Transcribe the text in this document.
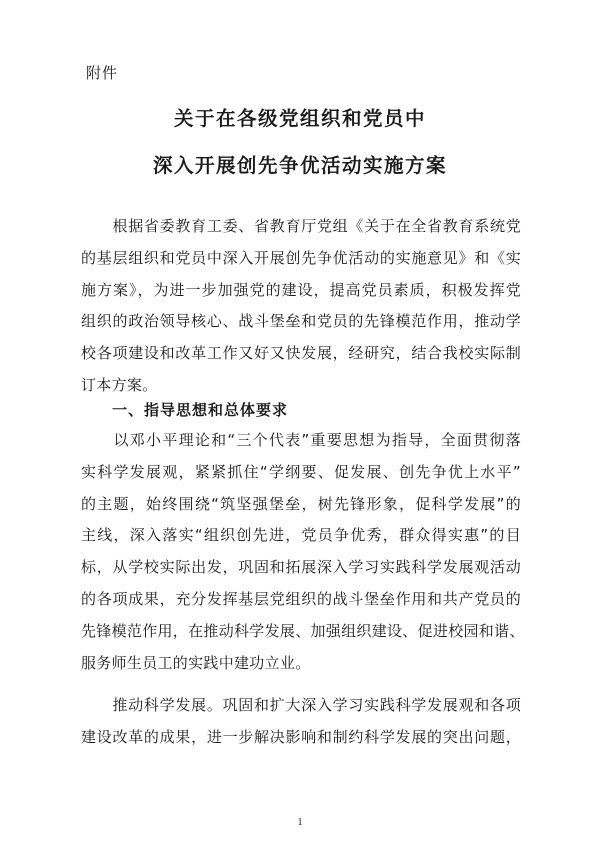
附件
关于在各级党组织和党员中
深入开展创先争优活动实施方案
　　根据省委教育工委、省教育厅党组《关于在全省教育系统党
的基层组织和党员中深入开展创先争优活动的实施意见》和《实
施方案》，为进一步加强党的建设，提高党员素质，积极发挥党
组织的政治领导核心、战斗堡垒和党员的先锋模范作用，推动学
校各项建设和改革工作又好又快发展，经研究，结合我校实际制
订本方案。
一、指导思想和总体要求
　　以邓小平理论和“三个代表”重要思想为指导，全面贯彻落
实科学发展观，紧紧抓住“学纲要、促发展、创先争优上水平”
的主题，始终围绕“筑坚强堡垒，树先锋形象，促科学发展”的
主线，深入落实“组织创先进，党员争优秀，群众得实惠”的目
标，从学校实际出发，巩固和拓展深入学习实践科学发展观活动
的各项成果，充分发挥基层党组织的战斗堡垒作用和共产党员的
先锋模范作用，在推动科学发展、加强组织建设、促进校园和谐、
服务师生员工的实践中建功立业。
　　推动科学发展。巩固和扩大深入学习实践科学发展观和各项
建设改革的成果，进一步解决影响和制约科学发展的突出问题，
1
